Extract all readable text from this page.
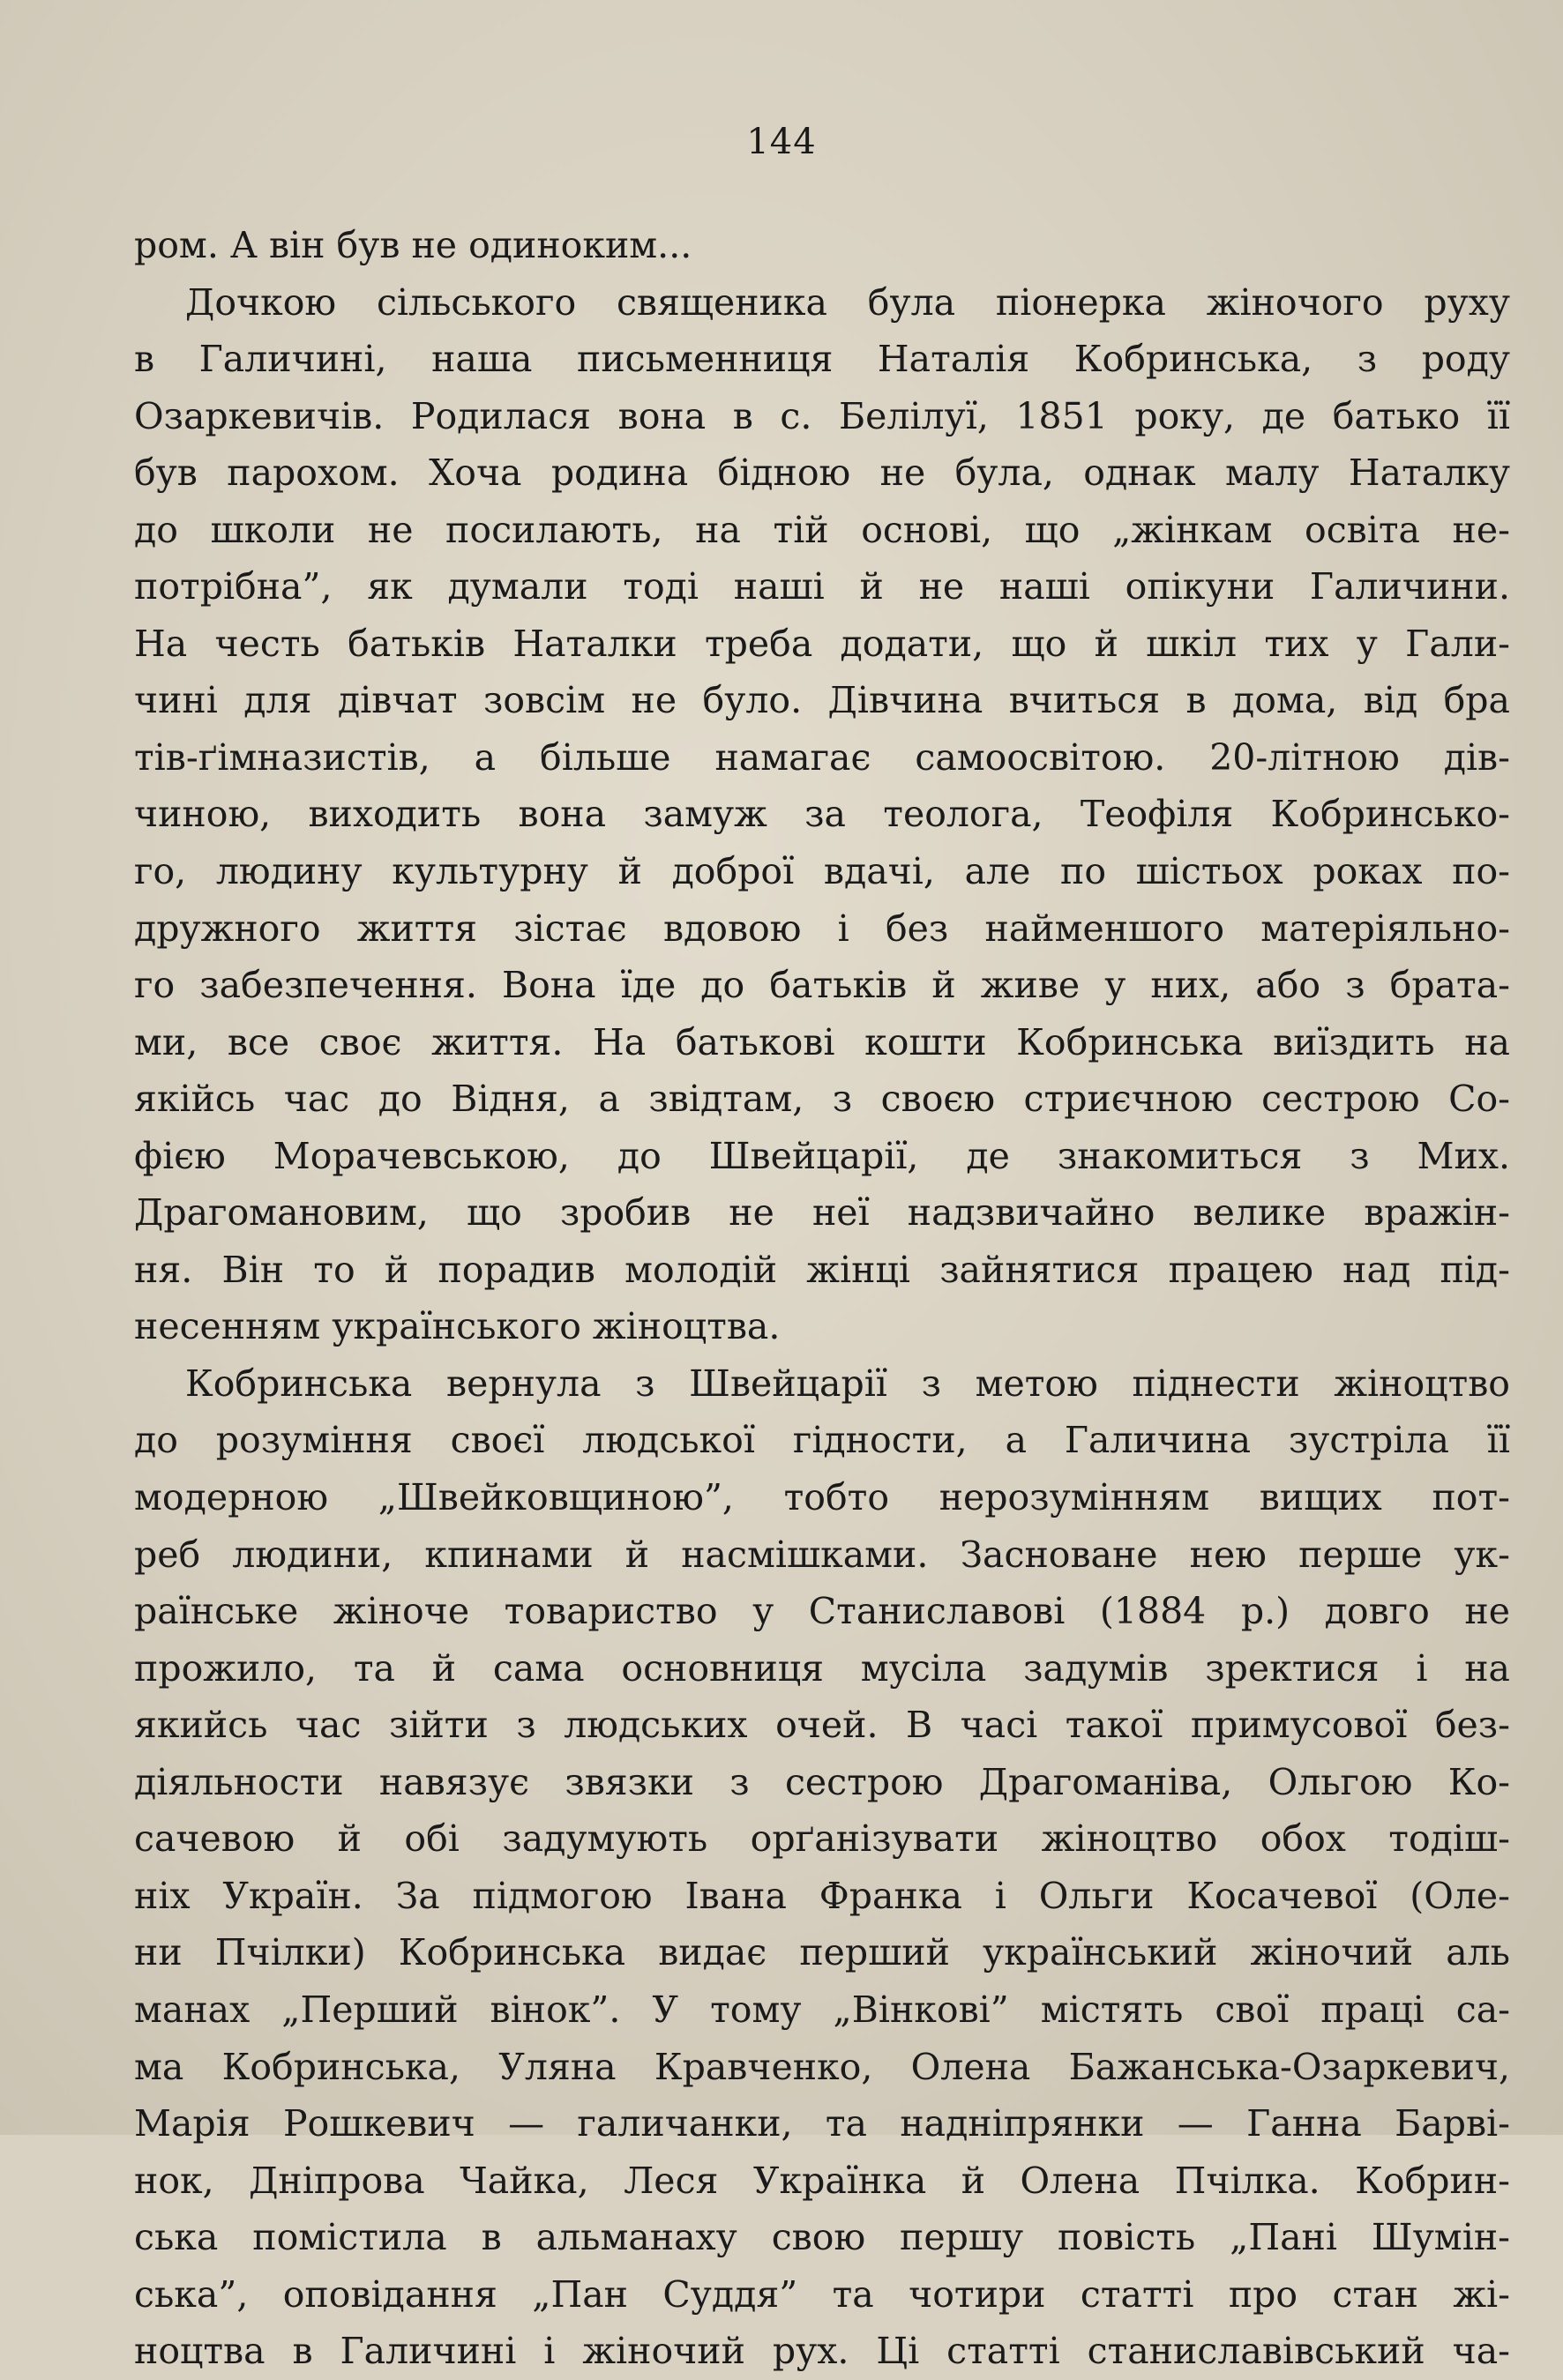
144
ром. А він був не одиноким...
Дочкою сільського священика була піонерка жіночого руху
в Галичині, наша письменниця Наталія Кобринська, з роду
Озаркевичів. Родилася вона в с. Белілуї, 1851 року, де батько її
був парохом. Хоча родина бідною не була, однак малу Наталку
до школи не посилають, на тій основі, що „жінкам освіта не-
потрібна”, як думали тоді наші й не наші опікуни Галичини.
На честь батьків Наталки треба додати, що й шкіл тих у Гали-
чині для дівчат зовсім не було. Дівчина вчиться в дома, від бра
тів-ґімназистів, а більше намагає самоосвітою. 20-літною дів-
чиною, виходить вона замуж за теолога, Теофіля Кобринсько-
го, людину культурну й доброї вдачі, але по шістьох роках по-
дружного життя зістає вдовою і без найменшого матеріяльно-
го забезпечення. Вона їде до батьків й живе у них, або з брата-
ми, все своє життя. На батькові кошти Кобринська виїздить на
якійсь час до Відня, а звідтам, з своєю стриєчною сестрою Со-
фією Морачевською, до Швейцарії, де знакомиться з Мих.
Драгомановим, що зробив не неї надзвичайно велике вражін-
ня. Він то й порадив молодій жінці зайнятися працею над під-
несенням українського жіноцтва.
Кобринська вернула з Швейцарії з метою піднести жіноцтво
до розуміння своєї людської гідности, а Галичина зустріла її
модерною „Швейковщиною”, тобто нерозумінням вищих пот-
реб людини, кпинами й насмішками. Засноване нею перше ук-
раїнське жіноче товариство у Станиславові (1884 р.) довго не
прожило, та й сама основниця мусіла задумів зректися і на
якийсь час зійти з людських очей. В часі такої примусової без-
діяльности навязує звязки з сестрою Драгоманіва, Ольгою Ко-
сачевою й обі задумують орґанізувати жіноцтво обох тодіш-
ніх Україн. За підмогою Івана Франка і Ольги Косачевої (Оле-
ни Пчілки) Кобринська видає перший український жіночий аль
манах „Перший вінок”. У тому „Вінкові” містять свої праці са-
ма Кобринська, Уляна Кравченко, Олена Бажанська-Озаркевич,
Марія Рошкевич — галичанки, та надніпрянки — Ганна Барві-
нок, Дніпрова Чайка, Леся Українка й Олена Пчілка. Кобрин-
ська помістила в альманаху свою першу повість „Пані Шумін-
ська”, оповідання „Пан Суддя” та чотири статті про стан жі-
ноцтва в Галичині і жіночий рух. Ці статті станиславівський ча-
